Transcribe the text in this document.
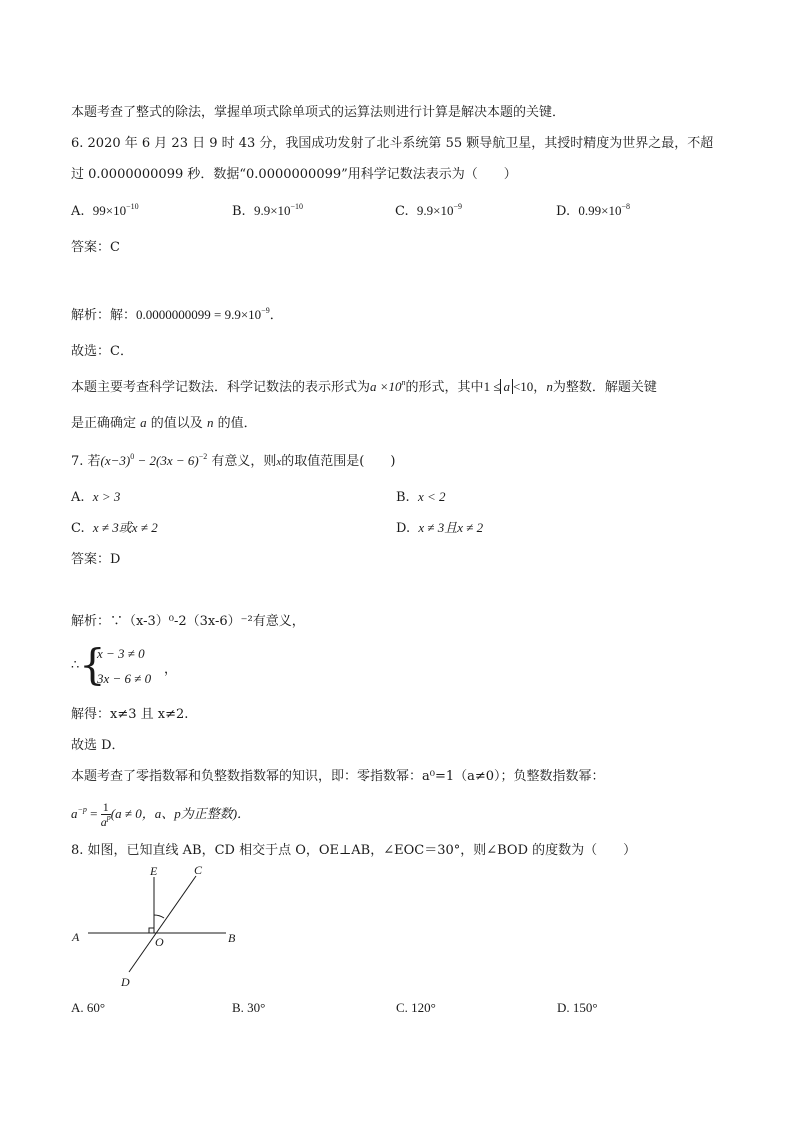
本题考查了整式的除法，掌握单项式除单项式的运算法则进行计算是解决本题的关键．
6. 2020 年 6 月 23 日 9 时 43 分，我国成功发射了北斗系统第 55 颗导航卫星，其授时精度为世界之最，不超
过 0.0000000099 秒．数据“0.0000000099”用科学记数法表示为（　　）
A. $99\times 10^{-10}$	B. $9.9\times 10^{-10}$	C. $9.9\times 10^{-9}$	D. $0.99\times 10^{-8}$
答案：C
解析：解：$0.0000000099 = 9.9\times 10^{-9}$．
故选：C．
本题主要考查科学记数法．科学记数法的表示形式为$a \times 10^n$的形式，其中1 ≤ a <10，n为整数．解题关键
是正确确定 a 的值以及 n 的值．
7. 若$(x-3)^0 - 2(3x - 6)^{-2}$ 有意义，则x的取值范围是(　　)
A. x > 3	B. x < 2
C. x ≠ 3或x ≠ 2	D. x ≠ 3且x ≠ 2
答案：D
解析：∵（x-3）⁰-2（3x-6）⁻²有意义，
∴ {
x − 3 ≠ 0
3x − 6 ≠ 0
，
解得：x≠3 且 x≠2.
故选 D．
本题考查了零指数幂和负整数指数幂的知识，即：零指数幂：a⁰=1（a≠0）；负整数指数幂：
$a^{-p} = \frac{1}{a^p} (a \ne 0$，a、p为正整数)．
8. 如图，已知直线 AB，CD 相交于点 O，OE⊥AB，∠EOC＝30°，则∠BOD 的度数为（　　）
E	C
A	O	B
D
A. 60°	B. 30°	C. 120°	D. 150°
